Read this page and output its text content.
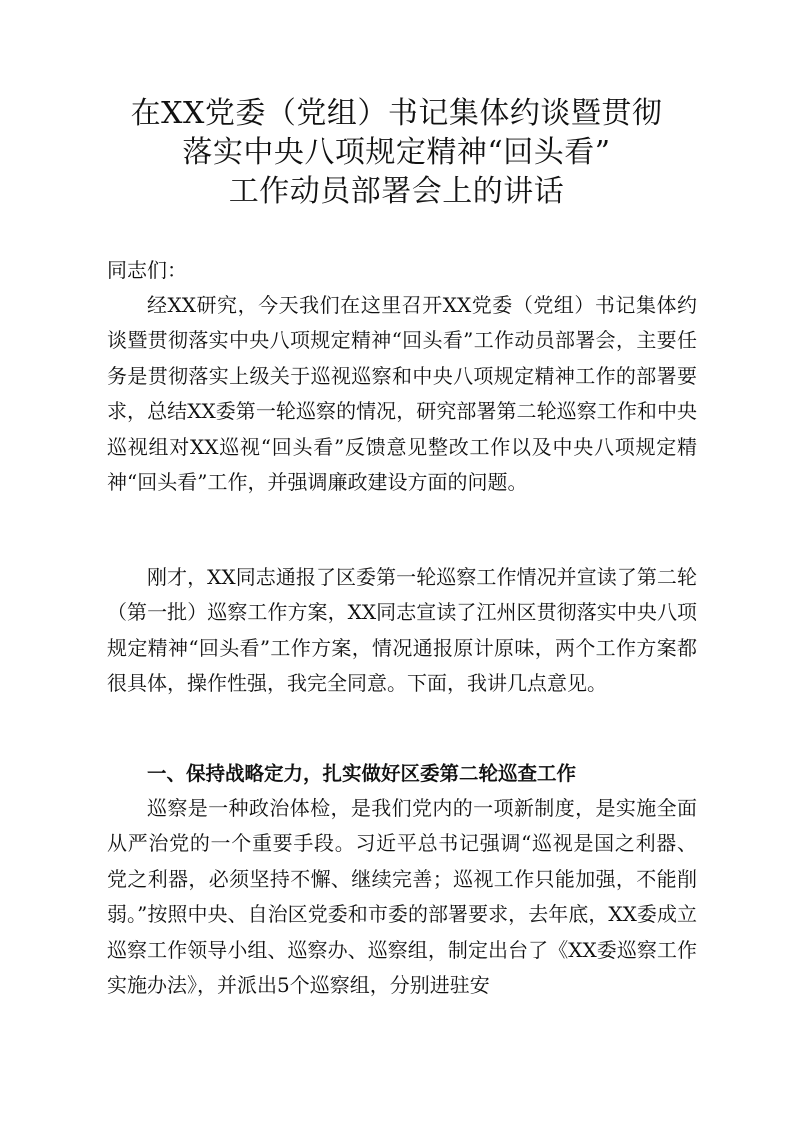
在XX党委（党组）书记集体约谈暨贯彻
落实中央八项规定精神“回头看”
工作动员部署会上的讲话

同志们：

经XX研究，今天我们在这里召开XX党委（党组）书记集体约谈暨贯彻落实中央八项规定精神“回头看”工作动员部署会，主要任务是贯彻落实上级关于巡视巡察和中央八项规定精神工作的部署要求，总结XX委第一轮巡察的情况，研究部署第二轮巡察工作和中央巡视组对XX巡视“回头看”反馈意见整改工作以及中央八项规定精神“回头看”工作，并强调廉政建设方面的问题。

刚才，XX同志通报了区委第一轮巡察工作情况并宣读了第二轮（第一批）巡察工作方案，XX同志宣读了江州区贯彻落实中央八项规定精神“回头看”工作方案，情况通报原计原味，两个工作方案都很具体，操作性强，我完全同意。下面，我讲几点意见。

一、保持战略定力，扎实做好区委第二轮巡查工作

巡察是一种政治体检，是我们党内的一项新制度，是实施全面从严治党的一个重要手段。习近平总书记强调“巡视是国之利器、党之利器，必须坚持不懈、继续完善；巡视工作只能加强，不能削弱。”按照中央、自治区党委和市委的部署要求，去年底，XX委成立巡察工作领导小组、巡察办、巡察组，制定出台了《XX委巡察工作实施办法》，并派出5个巡察组，分别进驻安
